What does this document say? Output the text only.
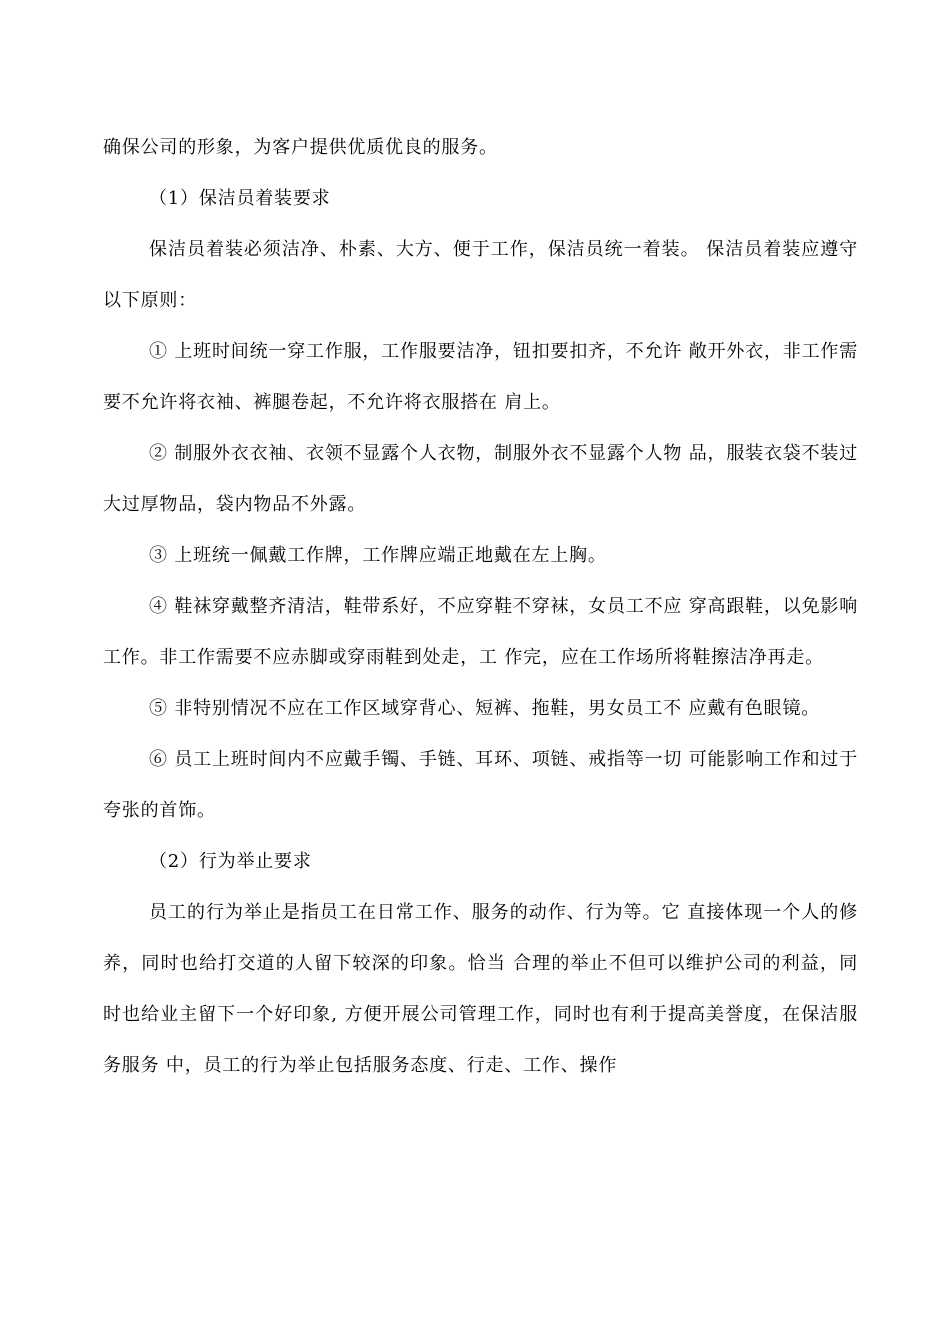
确保公司的形象，为客户提供优质优良的服务。

（1）保洁员着装要求

保洁员着装必须洁净、朴素、大方、便于工作，保洁员统一着装。 保洁员着装应遵守以下原则：

① 上班时间统一穿工作服，工作服要洁净，钮扣要扣齐，不允许 敞开外衣，非工作需要不允许将衣袖、裤腿卷起，不允许将衣服搭在 肩上。

② 制服外衣衣袖、衣领不显露个人衣物，制服外衣不显露个人物 品，服装衣袋不装过大过厚物品，袋内物品不外露。

③ 上班统一佩戴工作牌，工作牌应端正地戴在左上胸。

④ 鞋袜穿戴整齐清洁，鞋带系好，不应穿鞋不穿袜，女员工不应 穿高跟鞋，以免影响工作。非工作需要不应赤脚或穿雨鞋到处走，工 作完，应在工作场所将鞋擦洁净再走。

⑤ 非特别情况不应在工作区域穿背心、短裤、拖鞋，男女员工不 应戴有色眼镜。

⑥ 员工上班时间内不应戴手镯、手链、耳环、项链、戒指等一切 可能影响工作和过于夸张的首饰。

（2）行为举止要求

员工的行为举止是指员工在日常工作、服务的动作、行为等。它 直接体现一个人的修养，同时也给打交道的人留下较深的印象。恰当 合理的举止不但可以维护公司的利益，同时也给业主留下一个好印象, 方便开展公司管理工作，同时也有利于提高美誉度，在保洁服务服务 中，员工的行为举止包括服务态度、行走、工作、操作
